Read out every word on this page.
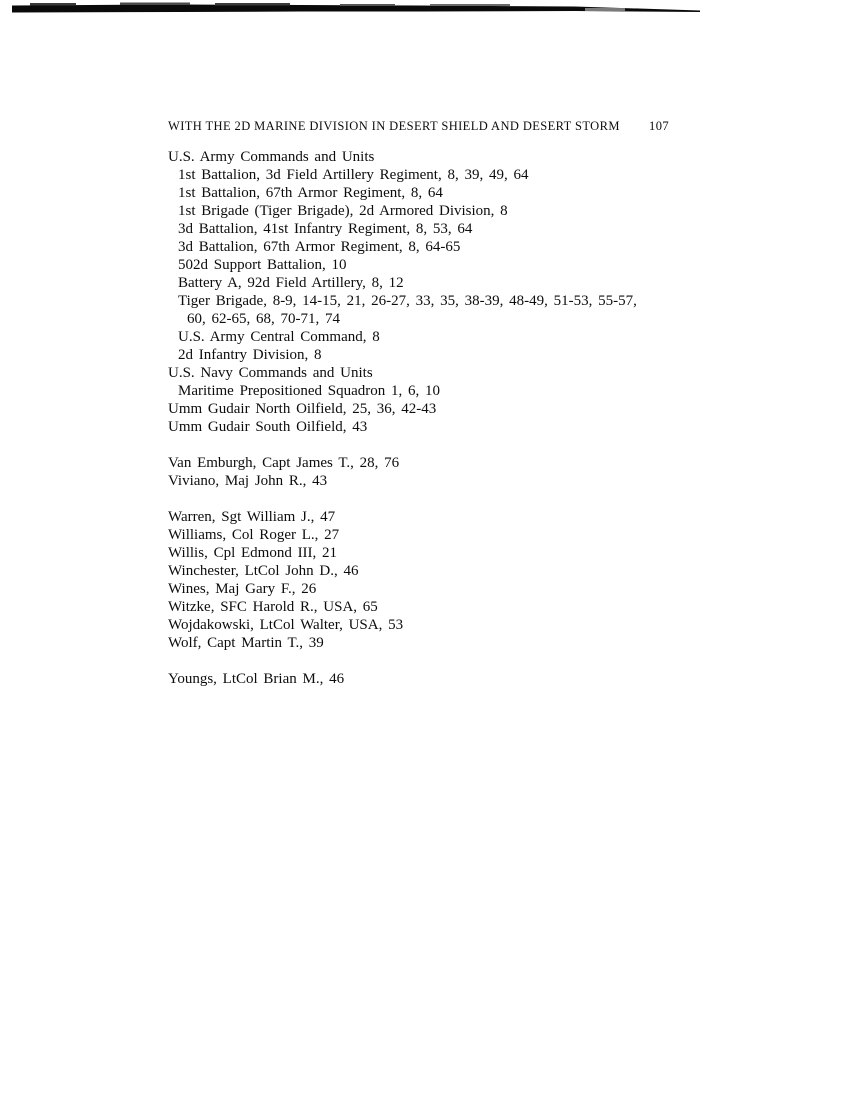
WITH THE 2D MARINE DIVISION IN DESERT SHIELD AND DESERT STORM 107
U.S. Army Commands and Units
1st Battalion, 3d Field Artillery Regiment, 8, 39, 49, 64
1st Battalion, 67th Armor Regiment, 8, 64
1st Brigade (Tiger Brigade), 2d Armored Division, 8
3d Battalion, 41st Infantry Regiment, 8, 53, 64
3d Battalion, 67th Armor Regiment, 8, 64-65
502d Support Battalion, 10
Battery A, 92d Field Artillery, 8, 12
Tiger Brigade, 8-9, 14-15, 21, 26-27, 33, 35, 38-39, 48-49, 51-53, 55-57,
60, 62-65, 68, 70-71, 74
U.S. Army Central Command, 8
2d Infantry Division, 8
U.S. Navy Commands and Units
Maritime Prepositioned Squadron 1, 6, 10
Umm Gudair North Oilfield, 25, 36, 42-43
Umm Gudair South Oilfield, 43
Van Emburgh, Capt James T., 28, 76
Viviano, Maj John R., 43
Warren, Sgt William J., 47
Williams, Col Roger L., 27
Willis, Cpl Edmond III, 21
Winchester, LtCol John D., 46
Wines, Maj Gary F., 26
Witzke, SFC Harold R., USA, 65
Wojdakowski, LtCol Walter, USA, 53
Wolf, Capt Martin T., 39
Youngs, LtCol Brian M., 46
